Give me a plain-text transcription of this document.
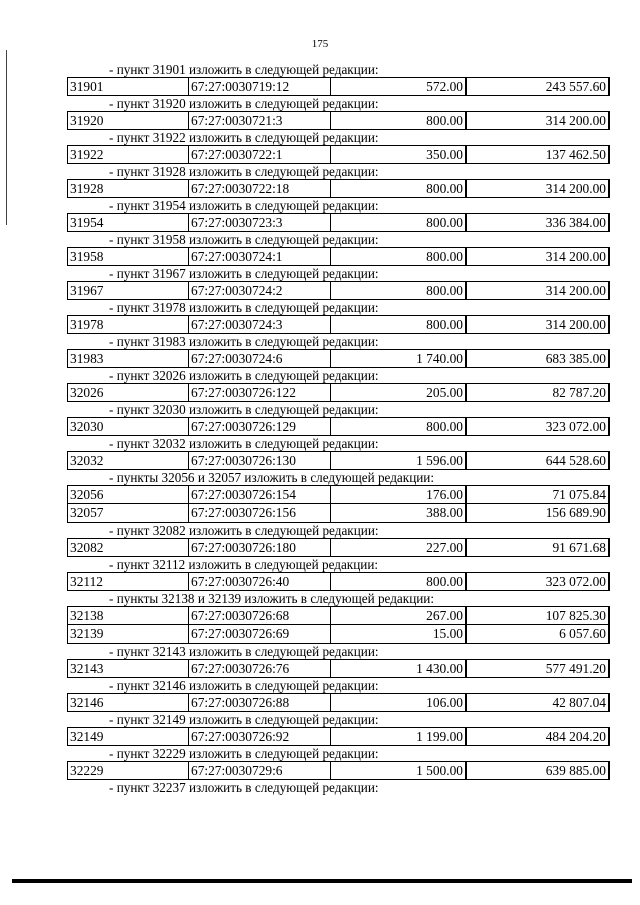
175
- пункт 31901 изложить в следующей редакции:
31901	67:27:0030719:12	572.00	243 557.60
- пункт 31920 изложить в следующей редакции:
31920	67:27:0030721:3	800.00	314 200.00
- пункт 31922 изложить в следующей редакции:
31922	67:27:0030722:1	350.00	137 462.50
- пункт 31928 изложить в следующей редакции:
31928	67:27:0030722:18	800.00	314 200.00
- пункт 31954 изложить в следующей редакции:
31954	67:27:0030723:3	800.00	336 384.00
- пункт 31958 изложить в следующей редакции:
31958	67:27:0030724:1	800.00	314 200.00
- пункт 31967 изложить в следующей редакции:
31967	67:27:0030724:2	800.00	314 200.00
- пункт 31978 изложить в следующей редакции:
31978	67:27:0030724:3	800.00	314 200.00
- пункт 31983 изложить в следующей редакции:
31983	67:27:0030724:6	1 740.00	683 385.00
- пункт 32026 изложить в следующей редакции:
32026	67:27:0030726:122	205.00	82 787.20
- пункт 32030 изложить в следующей редакции:
32030	67:27:0030726:129	800.00	323 072.00
- пункт 32032 изложить в следующей редакции:
32032	67:27:0030726:130	1 596.00	644 528.60
- пункты 32056 и 32057 изложить в следующей редакции:
32056	67:27:0030726:154	176.00	71 075.84
32057	67:27:0030726:156	388.00	156 689.90
- пункт 32082 изложить в следующей редакции:
32082	67:27:0030726:180	227.00	91 671.68
- пункт 32112 изложить в следующей редакции:
32112	67:27:0030726:40	800.00	323 072.00
- пункты 32138 и 32139 изложить в следующей редакции:
32138	67:27:0030726:68	267.00	107 825.30
32139	67:27:0030726:69	15.00	6 057.60
- пункт 32143 изложить в следующей редакции:
32143	67:27:0030726:76	1 430.00	577 491.20
- пункт 32146 изложить в следующей редакции:
32146	67:27:0030726:88	106.00	42 807.04
- пункт 32149 изложить в следующей редакции:
32149	67:27:0030726:92	1 199.00	484 204.20
- пункт 32229 изложить в следующей редакции:
32229	67:27:0030729:6	1 500.00	639 885.00
- пункт 32237 изложить в следующей редакции:
